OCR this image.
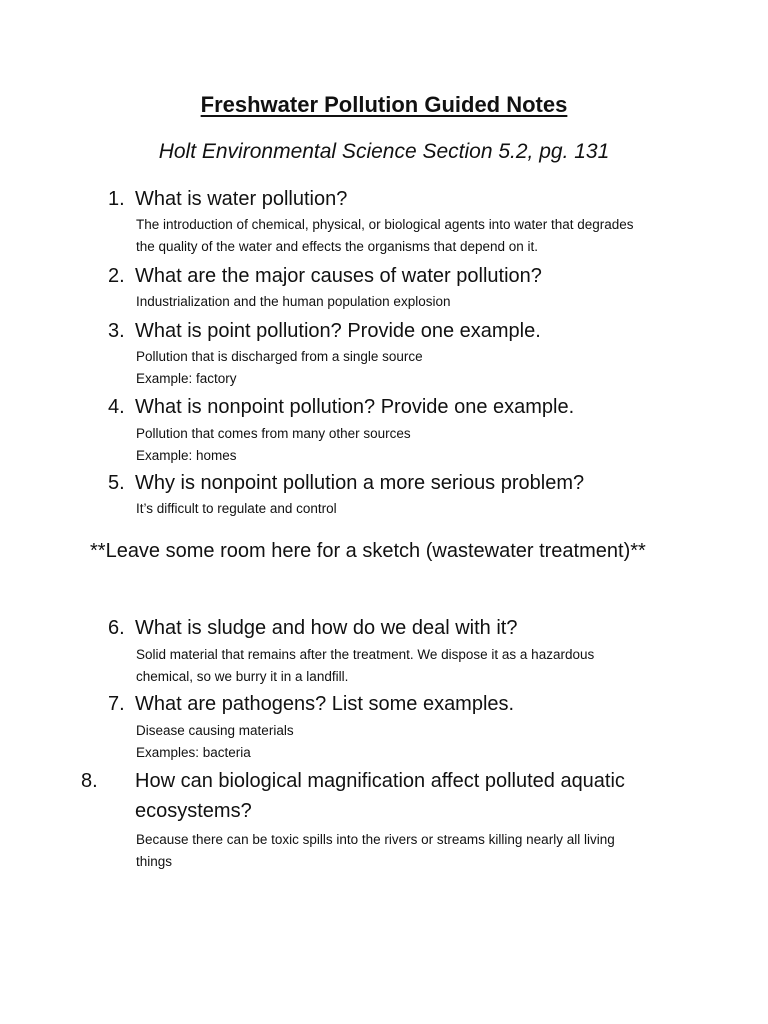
Freshwater Pollution Guided Notes
Holt Environmental Science Section 5.2, pg. 131
1. What is water pollution?
The introduction of chemical, physical, or biological agents into water that degrades
the quality of the water and effects the organisms that depend on it.
2. What are the major causes of water pollution?
Industrialization and the human population explosion
3. What is point pollution? Provide one example.
Pollution that is discharged from a single source
Example: factory
4. What is nonpoint pollution? Provide one example.
Pollution that comes from many other sources
Example: homes
5. Why is nonpoint pollution a more serious problem?
It’s difficult to regulate and control
**Leave some room here for a sketch (wastewater treatment)**
6. What is sludge and how do we deal with it?
Solid material that remains after the treatment. We dispose it as a hazardous
chemical, so we burry it in a landfill.
7. What are pathogens? List some examples.
Disease causing materials
Examples: bacteria
8. How can biological magnification affect polluted aquatic ecosystems?
Because there can be toxic spills into the rivers or streams killing nearly all living
things
